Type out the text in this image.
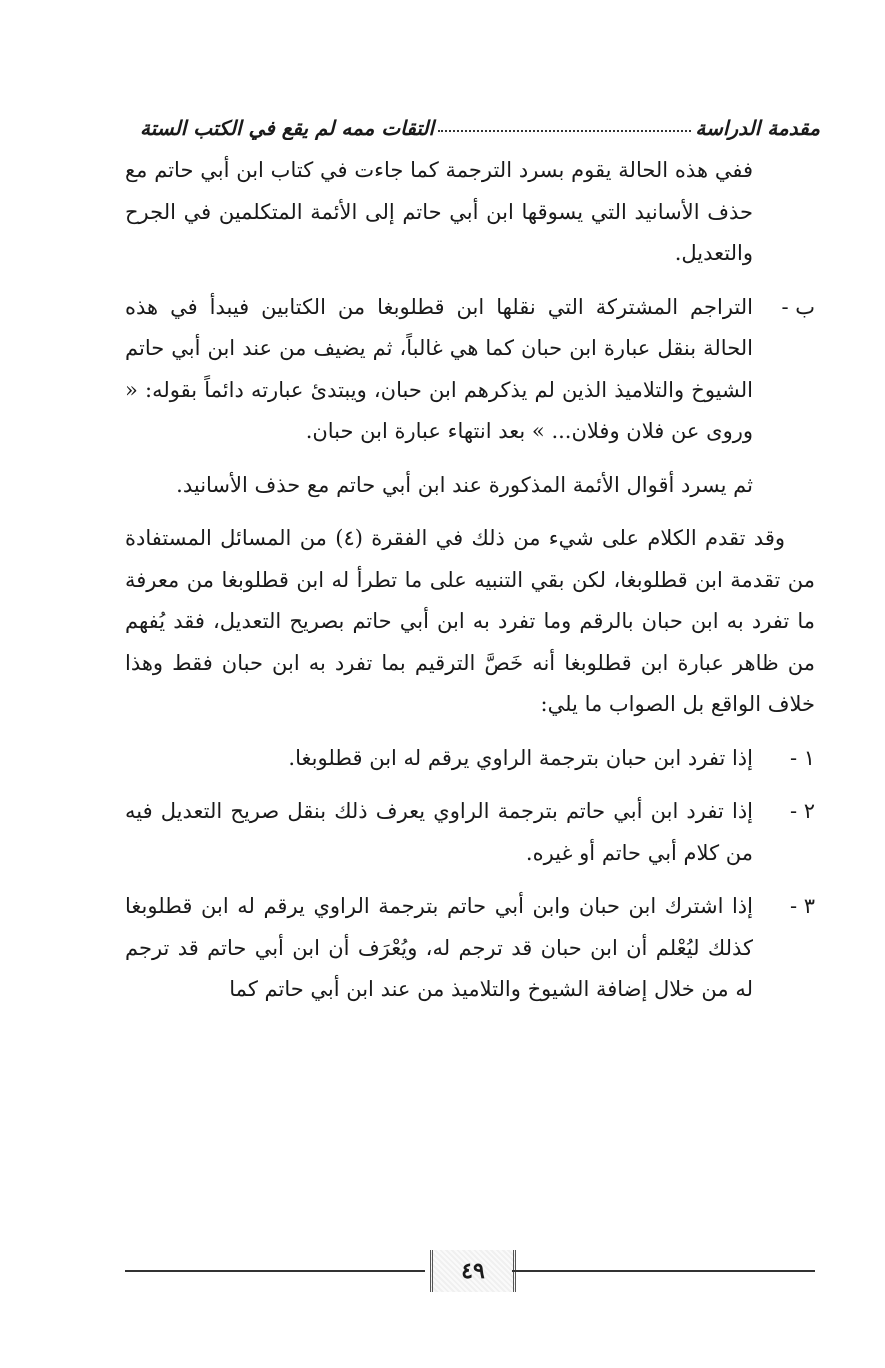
مقدمة الدراسة
التقات ممه لم يقع في الكتب الستة

ففي هذه الحالة يقوم بسرد الترجمة كما جاءت في كتاب ابن أبي حاتم مع حذف الأسانيد التي يسوقها ابن أبي حاتم إلى الأئمة المتكلمين في الجرح والتعديل.

ب -
التراجم المشتركة التي نقلها ابن قطلوبغا من الكتابين فيبدأ في هذه الحالة بنقل عبارة ابن حبان كما هي غالباً، ثم يضيف من عند ابن أبي حاتم الشيوخ والتلاميذ الذين لم يذكرهم ابن حبان، ويبتدئ عبارته دائماً بقوله: « وروى عن فلان وفلان... » بعد انتهاء عبارة ابن حبان.

ثم يسرد أقوال الأئمة المذكورة عند ابن أبي حاتم مع حذف الأسانيد.

وقد تقدم الكلام على شيء من ذلك في الفقرة (٤) من المسائل المستفادة من تقدمة ابن قطلوبغا، لكن بقي التنبيه على ما تطرأ له ابن قطلوبغا من معرفة ما تفرد به ابن حبان بالرقم وما تفرد به ابن أبي حاتم بصريح التعديل، فقد يُفهم من ظاهر عبارة ابن قطلوبغا أنه خَصَّ الترقيم بما تفرد به ابن حبان فقط وهذا خلاف الواقع بل الصواب ما يلي:

١ -
إذا تفرد ابن حبان بترجمة الراوي يرقم له ابن قطلوبغا.
٢ -
إذا تفرد ابن أبي حاتم بترجمة الراوي يعرف ذلك بنقل صريح التعديل فيه من كلام أبي حاتم أو غيره.
٣ -
إذا اشترك ابن حبان وابن أبي حاتم بترجمة الراوي يرقم له ابن قطلوبغا كذلك ليُعْلم أن ابن حبان قد ترجم له، ويُعْرَف أن ابن أبي حاتم قد ترجم له من خلال إضافة الشيوخ والتلاميذ من عند ابن أبي حاتم كما
٤٩
